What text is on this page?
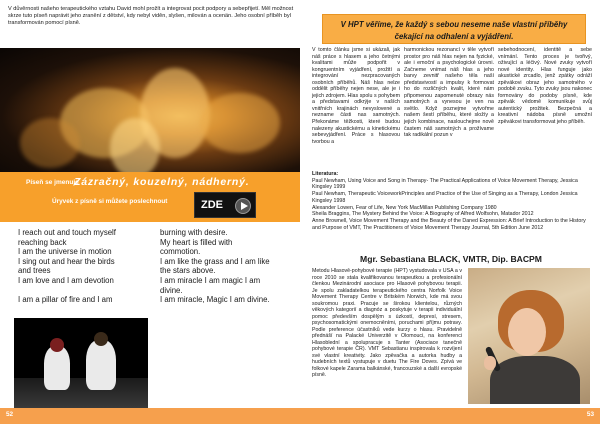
V důvěrnosti našeho terapeutického vztahu David mohl prožít a integrovat pocit podpory a sebepřijetí. Měl možnost skrze tuto píseň naprávit jeho zranění z dětství, kdy nebyl viděn, slyšen, milován a ocenän. Jeho osobní příběh byl transformován pomocí písně.

Píseň se jmenuje
Zázračný, kouzelný, nádherný.
Úryvek z písně si můžete poslechnout	ZDE

I reach out and touch myself

reaching back

I am the universe in motion

I sing out and hear the birds

and trees

I am love and I am devotion

I am a pillar of fire and I am

burning with desire.

My heart is filled with

commotion.

I am like the grass and I am like

the stars above.

I am miracle I am magic I am

divine.

I am miracle, Magic I am divine.

52
V HPT věříme, že každý s sebou neseme naše vlastní příběhy
čekající na odhalení a vyjádření.

V tomto článku jsme si ukázali, jak náš práce s hlasem a jeho četnými kvalitami může podpořit v kongruentním vyjádření, prožití a integrování nezpracovaných osobních příběhů. Náš hlas nelze oddělit příběhy nejen nese, ale je i jejich zdrojem. Hlas spolu s pohybem a představami odkrýje v naších vnitřních krajinách nevyslovené a nezname části nas samotných. Překonáme těžkosti, které budou nalezeny akustickému a kinetickému sebevyjádření. Práce s hlasovou tvorbou a

harmonickou rezonancí v těle vytvoří prostor pro náš hlas nejen na fyzické, ale i emoční a psychologické úrovni. Začneme vnímat náš hlas a jeho barvy zevnitř našeho těla naší představivostí a impulsy k formovat ho do rozličných kvalit, které nám připomenou zapomenuté obrazy nás samotných a vynesou je ven na světlo. Když poznejme vytvořme našem šestí příběhu, které složíy a jejich kombinace, naslouchejme nově častem náš samotných a prožívame tak radikální pozun v

sebehodnocení, identitě a sebe vnímání. Tento proces je tvořivý, oživující a léčivý. Nové zvuky vytvoří nové identity. Hlas funguje jako akustické zrcadlo, jenž zpátky odráží zpěvákovi obraz jeho samotného v podobě zvuku. Tyto zvuky jsou nakonec formovány do podoby písně, kde zpěvák vědomě komunikuje svůj autentický prožitek. Bezpečná a kreativní nádoba písně umožní zpěvákovi transformovat jeho příběh.

Literatura:

Paul Newham, Using Voice and Song in Therapy- The Practical Applications of Voice Movement Therapy, Jessica Kingsley 1999

Paul Newham, Therapeutic VoiceworkPrinciples and Practice of the Use of Singing as a Therapy, London Jessica Kingsley 1998

Alexander Lowen, Fear of Life, New York MacMillan Publishing Company 1980

Sheila Braggins, The Mystery Behind the Voice: A Biography of Alfred Wolfsohn, Matador 2012

Anne Brownell, Voice Movement Therapy and the Beauty of the Daned Expression: A Brief Introduction to the History and Purpose of VMT, The Practitioners of Voice Movement Therapy Journal, 5th Edition June 2012

Mgr. Sebastiana BLACK, VMTR, Dip. BACPM

Metodu Hlasově-pohybové terapie (HPT) vystudovala v USA a v roce 2010 se stala kvalifikovanou terapeutkou a profesionální členkou Mezinárodní asociace pro Hlasově pohybovou terapii. Je spolu zakladatelkou terapeutického centra Norfolk Voice Movement Therapy Centre v Britském Norwich, kde má svou soukromou praxi. Pracuje se širokou klientelou, různých věkových kategorií a diagnóz a poskytuje v terapii individuální pomoc především dospělým s úzkostí, depresí, stresem, psychosomatickými onemocněními, poruchami příjmu potravy. Podle preference účastníků vede kurzy o hlasu. Pravidelně přednáší na Palacké Univerzitě v Olomouci, na konferenci Hlasoblední a spolupracuje s Tanter (Asociace tanečně pohybové terapie ČR). VMT Sebastianu inspirovala k rozvíjení své vlastní kreativity. Jako zpěvačka a autorka hudby a hudebních textů vystupuje v duetu The Fire Doves. Zpívá ve folkové kapele Zarama balkánské, francouzské a další evropské písně.

53
